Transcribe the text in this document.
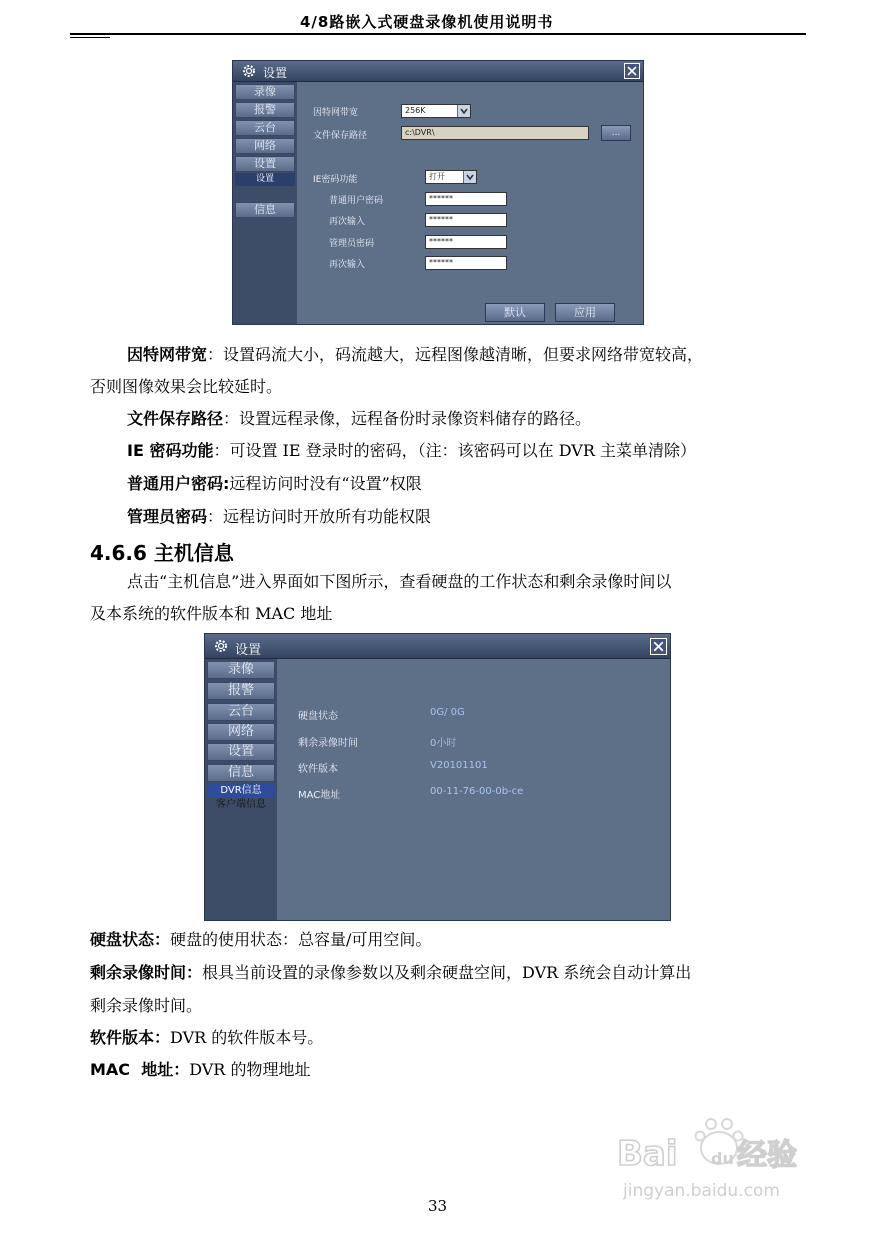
4/8路嵌入式硬盘录像机使用说明书
设置
录像
报警
云台
网络
设置
设置
信息
因特网带宽	256K
文件保存路径	c:\DVR\	...
IE密码功能	打开
普通用户密码	******
再次输入	******
管理员密码	******
再次输入	******
默认	应用
因特网带宽：设置码流大小，码流越大，远程图像越清晰，但要求网络带宽较高，
否则图像效果会比较延时。
文件保存路径：设置远程录像，远程备份时录像资料储存的路径。
IE 密码功能：可设置 IE 登录时的密码，（注：该密码可以在 DVR 主菜单清除）
普通用户密码:远程访问时没有“设置”权限
管理员密码：远程访问时开放所有功能权限
4.6.6 主机信息
点击“主机信息”进入界面如下图所示，查看硬盘的工作状态和剩余录像时间以
及本系统的软件版本和 MAC 地址
设置
录像
报警
云台
网络
设置
信息
DVR信息
客户端信息
硬盘状态	0G/ 0G
剩余录像时间	0小时
软件版本	V20101101
MAC地址	00-11-76-00-0b-ce
硬盘状态：硬盘的使用状态：总容量/可用空间。
剩余录像时间：根具当前设置的录像参数以及剩余硬盘空间，DVR 系统会自动计算出
剩余录像时间。
软件版本：DVR 的软件版本号。
MAC  地址：DVR 的物理地址
33
Bai 经验
du
jingyan.baidu.com
